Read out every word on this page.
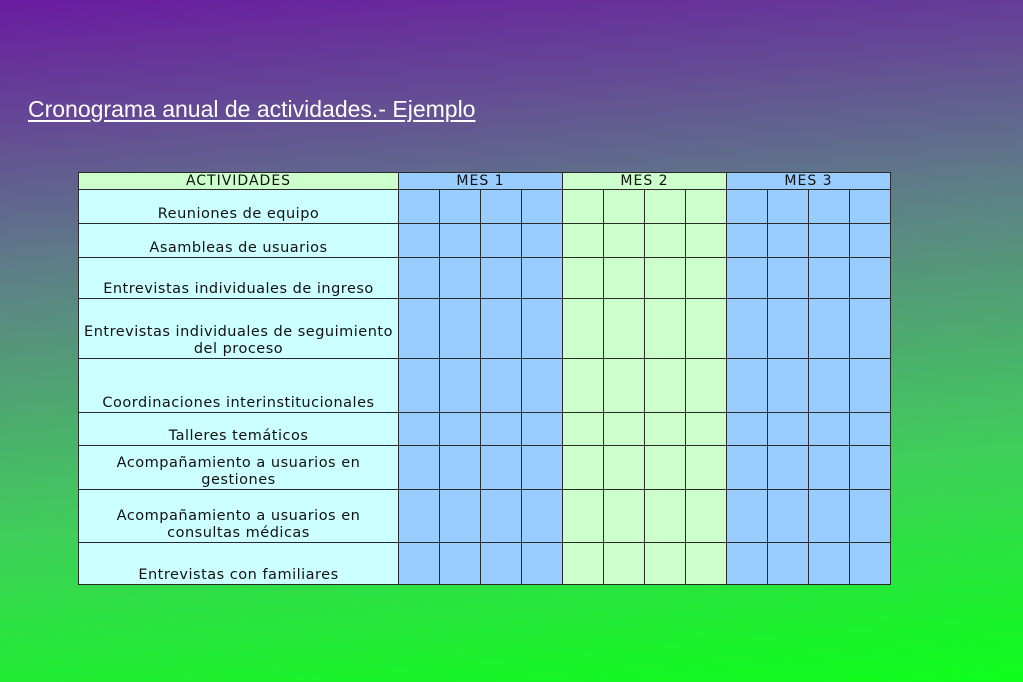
Cronograma anual de actividades.- Ejemplo
ACTIVIDADES	MES 1				MES 2				MES 3			
Reuniones de equipo												
Asambleas de usuarios												
Entrevistas individuales de ingreso												
Entrevistas individuales de seguimiento del proceso												
Coordinaciones interinstitucionales												
Talleres temáticos												
Acompañamiento a usuarios en gestiones												
Acompañamiento a usuarios en consultas médicas												
Entrevistas con familiares												
